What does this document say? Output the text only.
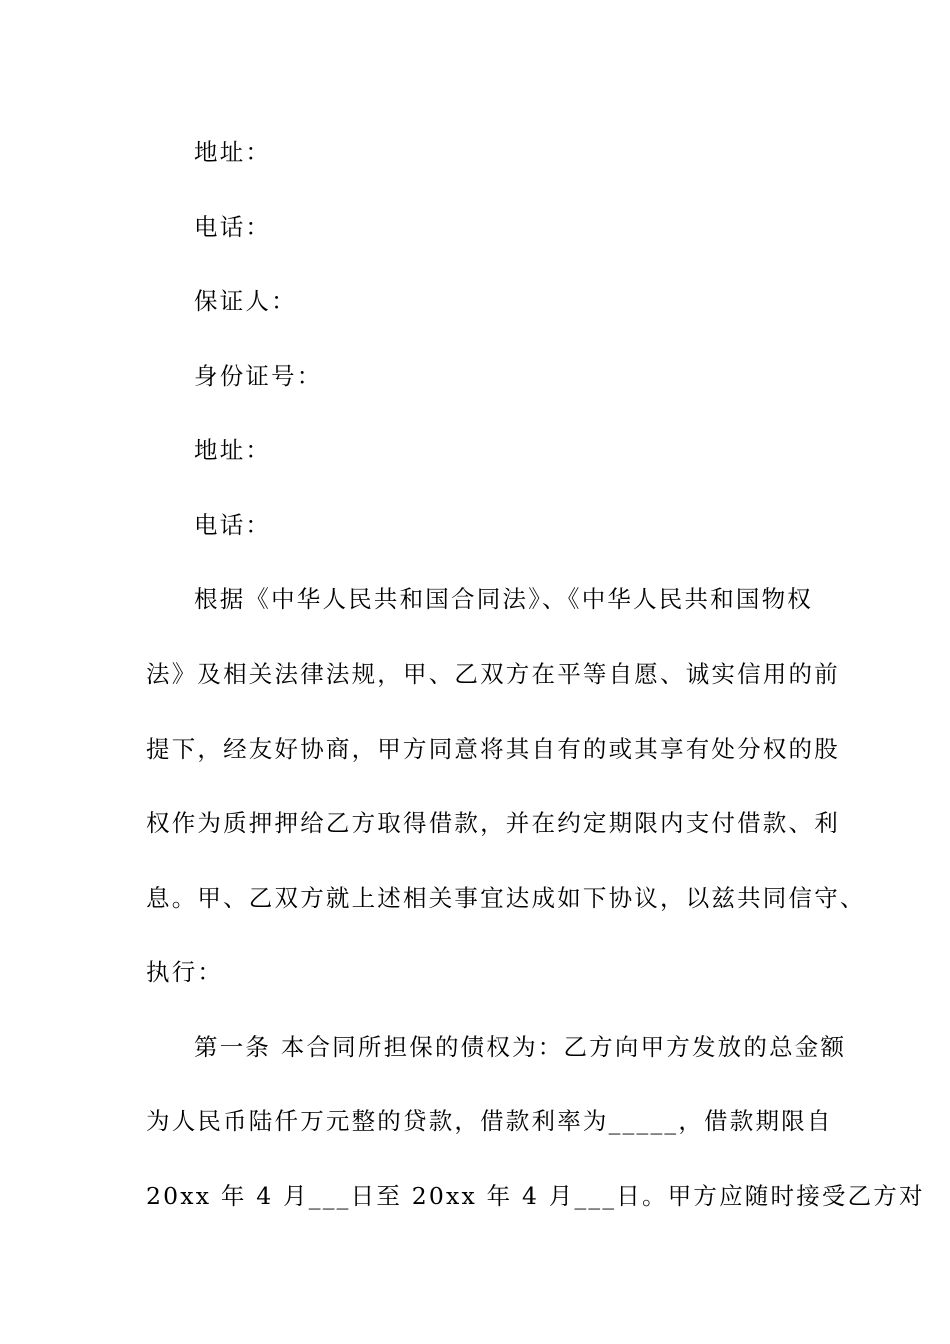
地址：
电话：
保证人：
身份证号：
地址：
电话：
根据《中华人民共和国合同法》、《中华人民共和国物权
法》及相关法律法规，甲、乙双方在平等自愿、诚实信用的前
提下，经友好协商，甲方同意将其自有的或其享有处分权的股
权作为质押押给乙方取得借款，并在约定期限内支付借款、利
息。甲、乙双方就上述相关事宜达成如下协议，以兹共同信守、
执行：
第一条 本合同所担保的债权为：乙方向甲方发放的总金额
为人民币陆仟万元整的贷款，借款利率为_____，借款期限自
20xx 年 4 月___日至 20xx 年 4 月___日。甲方应随时接受乙方对
